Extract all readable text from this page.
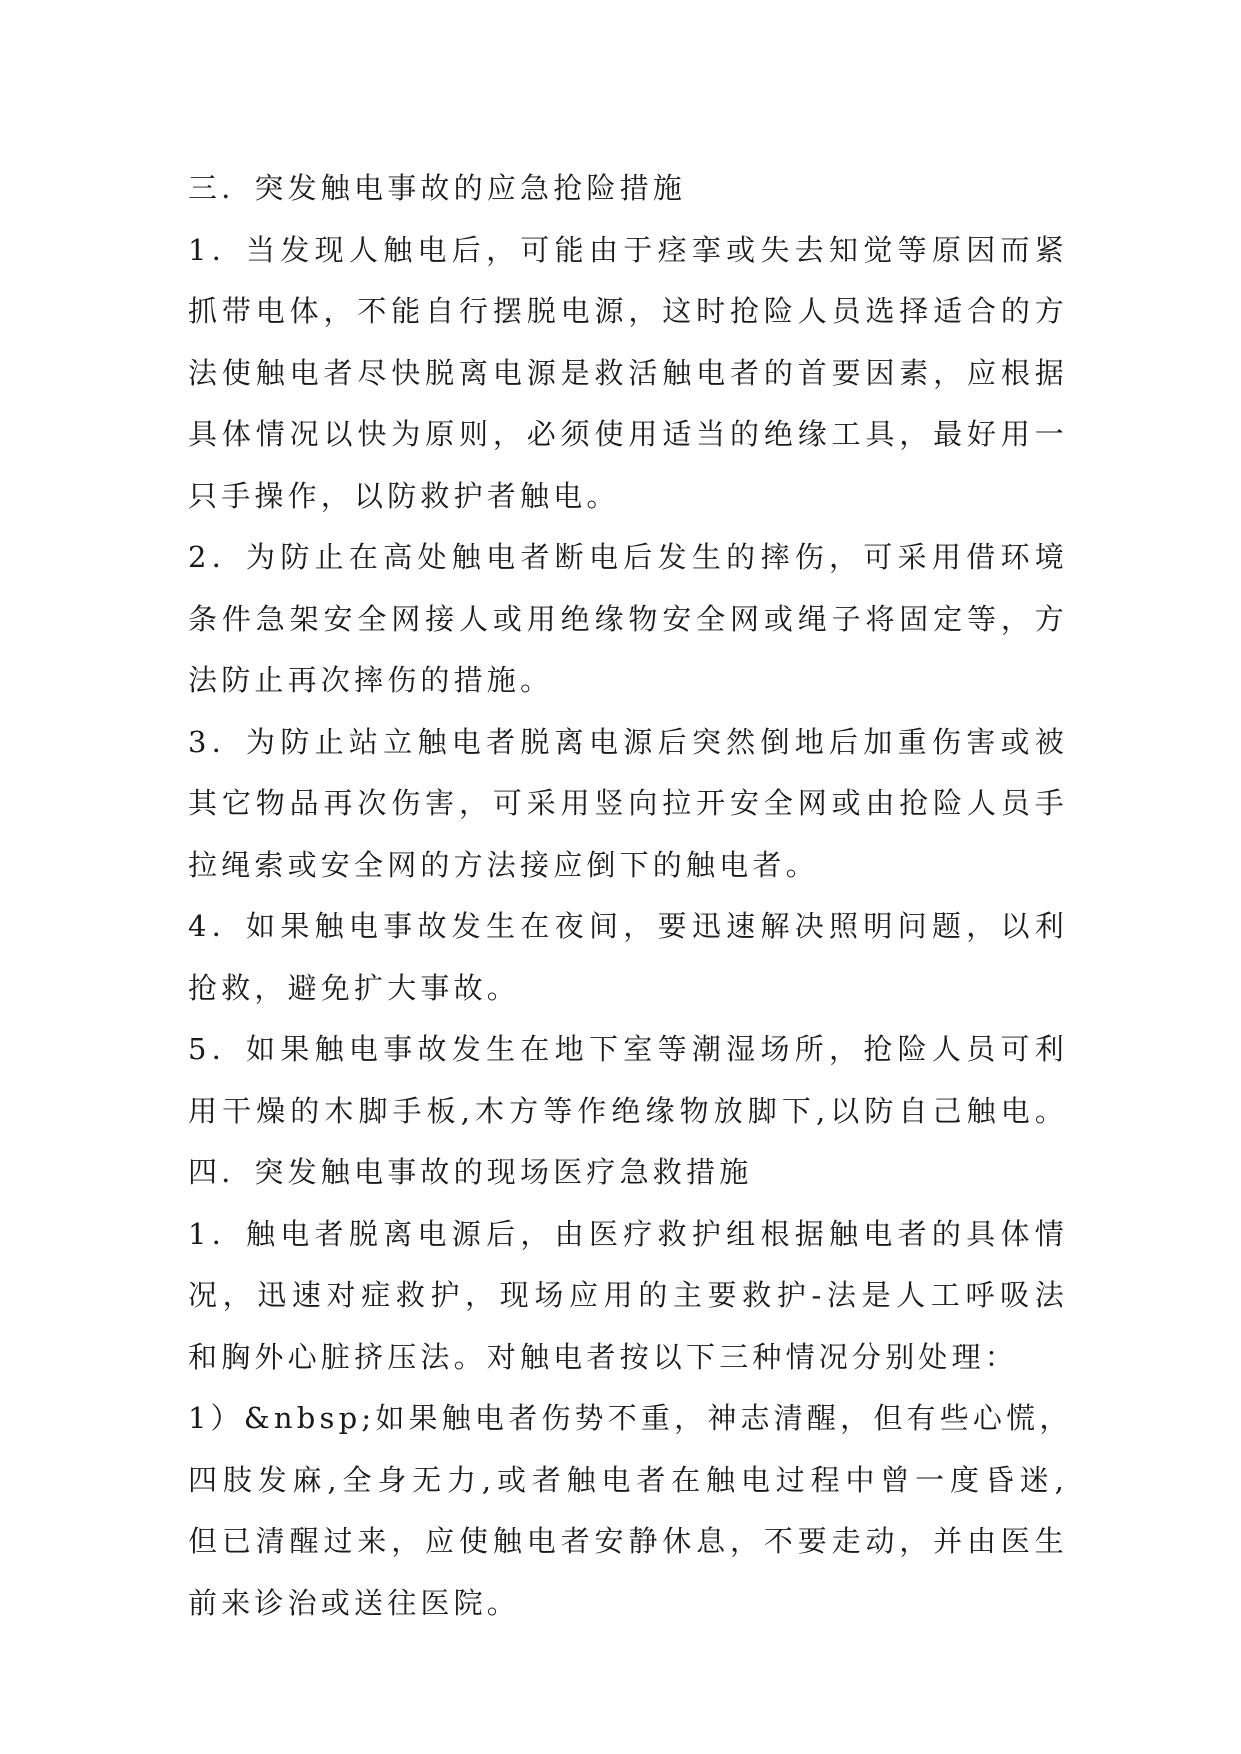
三．突发触电事故的应急抢险措施
1．当发现人触电后，可能由于痉挛或失去知觉等原因而紧
抓带电体，不能自行摆脱电源，这时抢险人员选择适合的方
法使触电者尽快脱离电源是救活触电者的首要因素，应根据
具体情况以快为原则，必须使用适当的绝缘工具，最好用一
只手操作，以防救护者触电。
2．为防止在高处触电者断电后发生的摔伤，可采用借环境
条件急架安全网接人或用绝缘物安全网或绳子将固定等，方
法防止再次摔伤的措施。
3．为防止站立触电者脱离电源后突然倒地后加重伤害或被
其它物品再次伤害，可采用竖向拉开安全网或由抢险人员手
拉绳索或安全网的方法接应倒下的触电者。
4．如果触电事故发生在夜间，要迅速解决照明问题，以利
抢救，避免扩大事故。
5．如果触电事故发生在地下室等潮湿场所，抢险人员可利
用干燥的木脚手板,木方等作绝缘物放脚下,以防自己触电。
四．突发触电事故的现场医疗急救措施
1．触电者脱离电源后，由医疗救护组根据触电者的具体情
况，迅速对症救护，现场应用的主要救护-法是人工呼吸法
和胸外心脏挤压法。对触电者按以下三种情况分别处理：
1）&nbsp;如果触电者伤势不重，神志清醒，但有些心慌，
四肢发麻,全身无力,或者触电者在触电过程中曾一度昏迷,
但已清醒过来，应使触电者安静休息，不要走动，并由医生
前来诊治或送往医院。
